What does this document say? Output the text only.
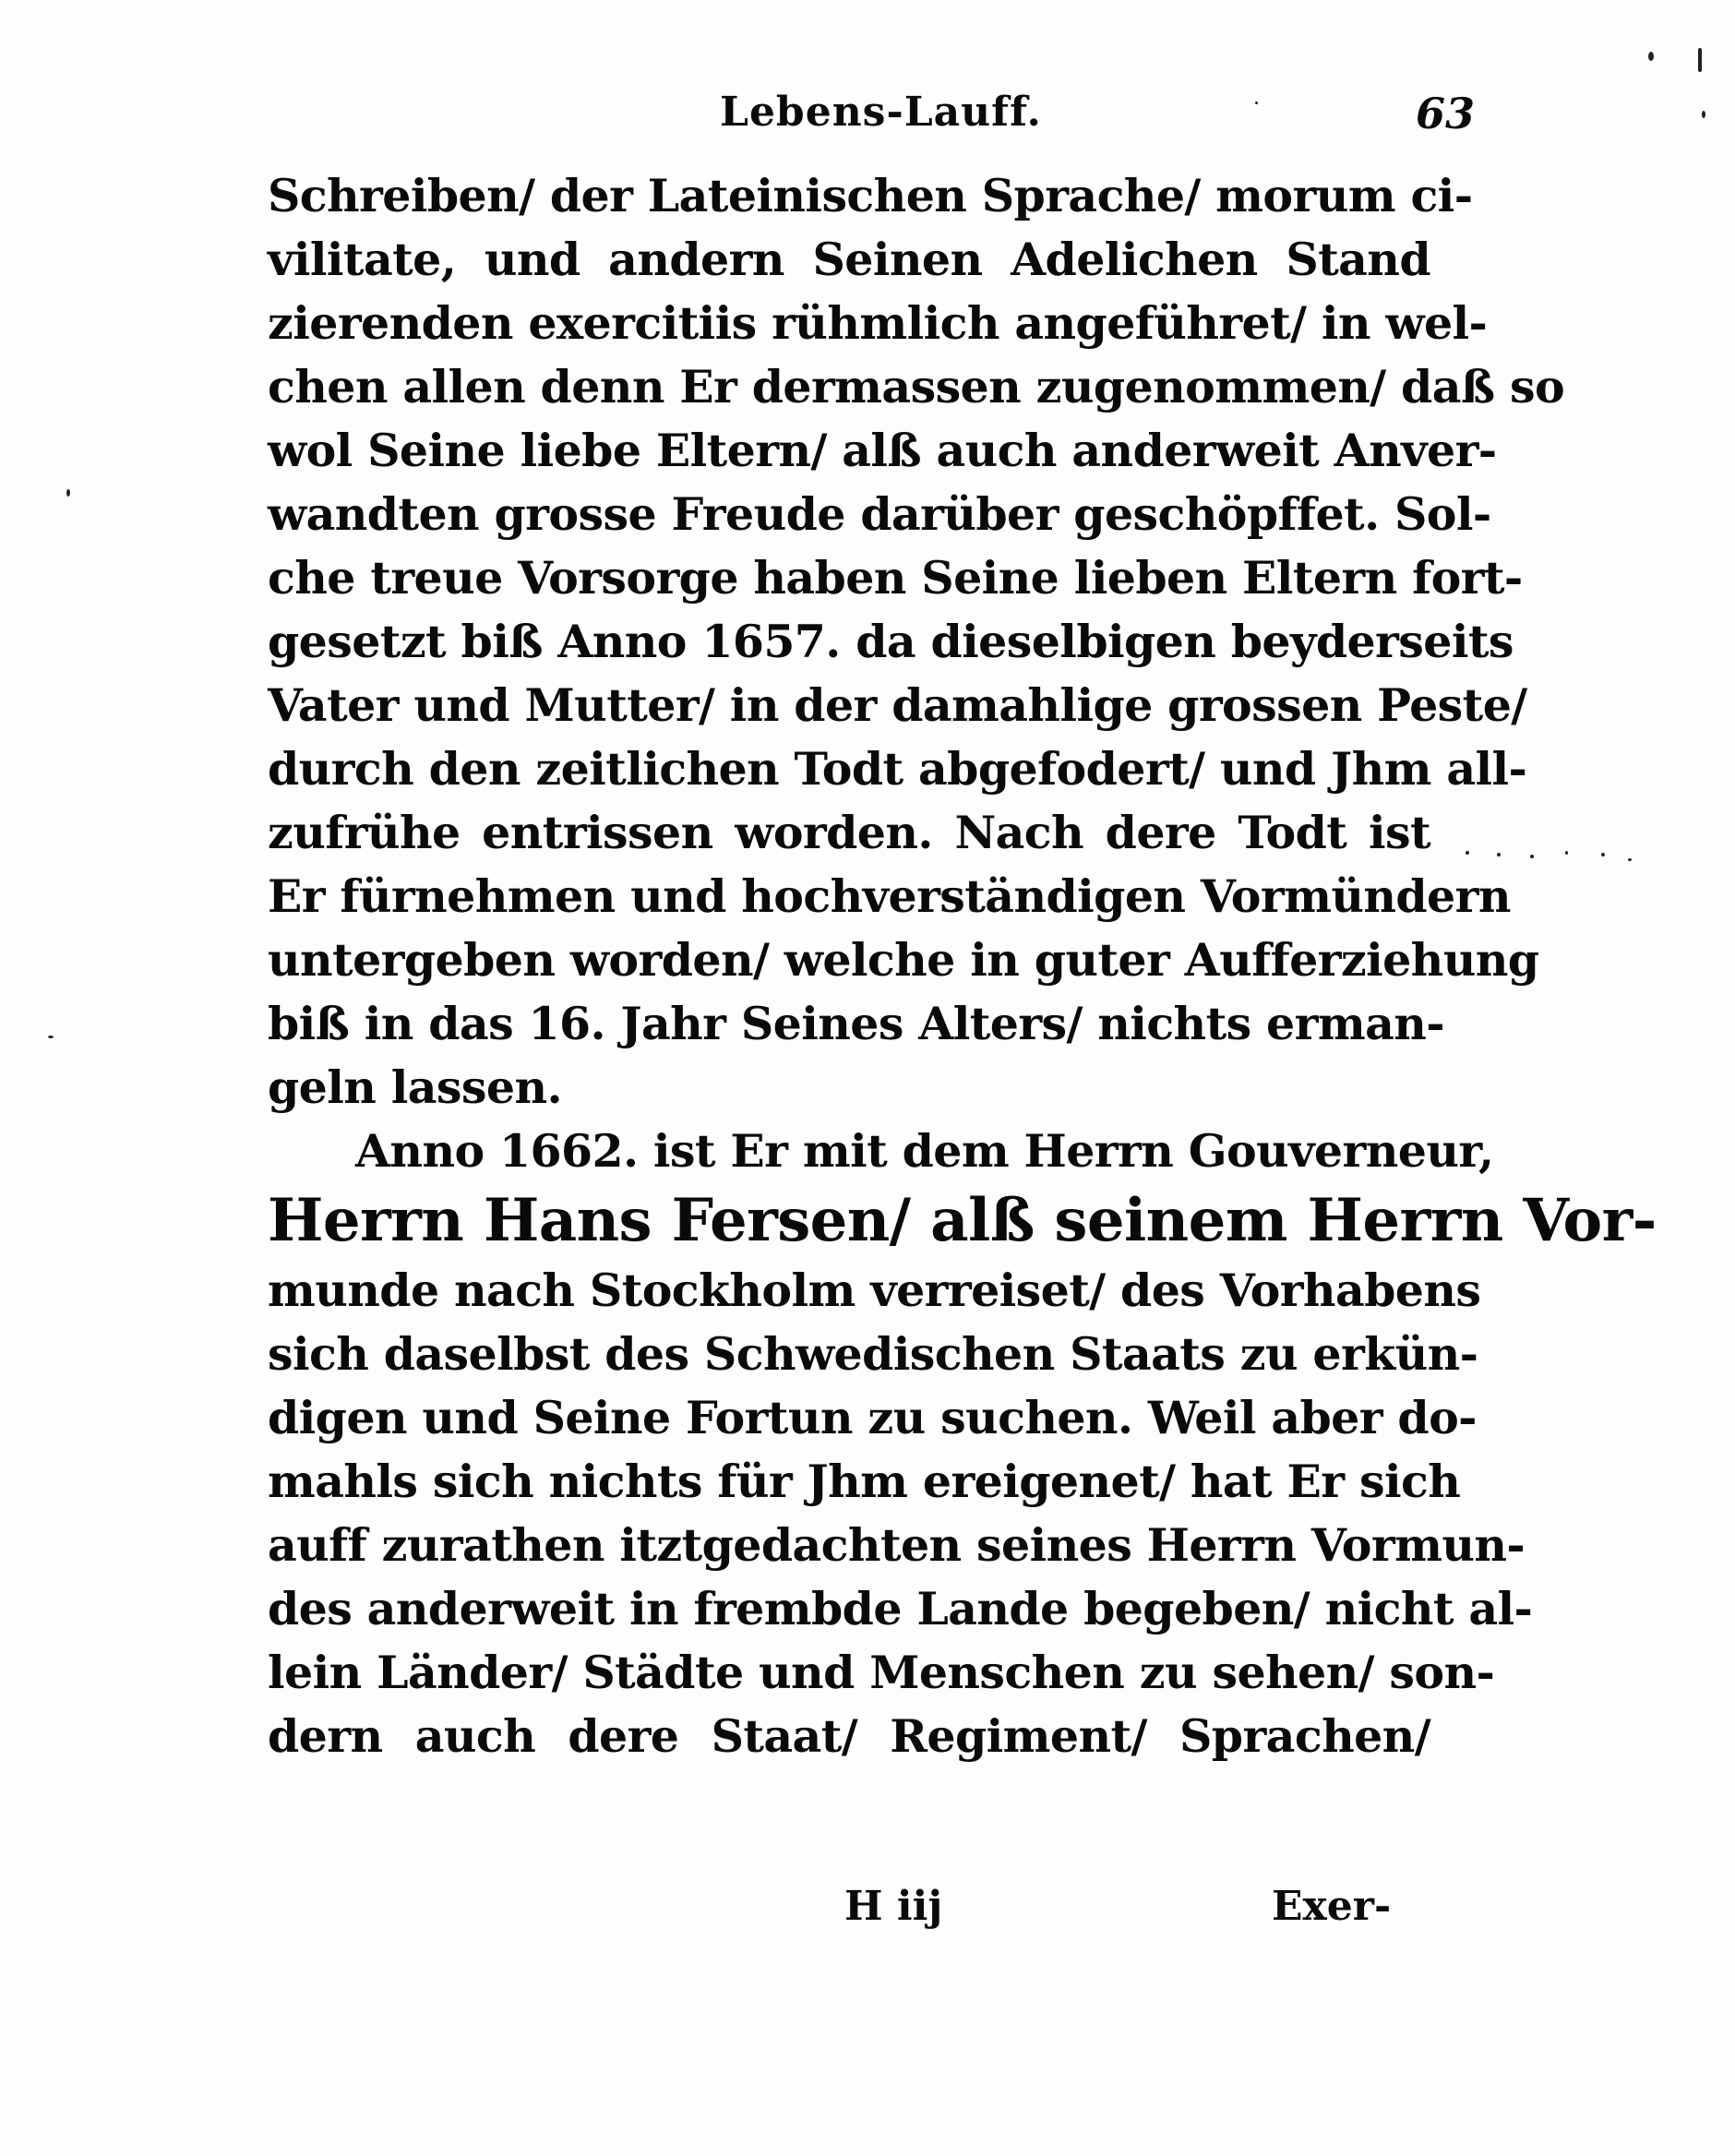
Lebens-Lauff.	63
Schreiben/ der Lateinischen Sprache/ morum ci-
vilitate, und andern Seinen Adelichen Stand
zierenden exercitiis rühmlich angeführet/ in wel-
chen allen denn Er dermassen zugenommen/ daß so
wol Seine liebe Eltern/ alß auch anderweit Anver-
wandten grosse Freude darüber geschöpffet. Sol-
che treue Vorsorge haben Seine lieben Eltern fort-
gesetzt biß Anno 1657. da dieselbigen beyderseits
Vater und Mutter/ in der damahlige grossen Peste/
durch den zeitlichen Todt abgefodert/ und Jhm all-
zufrühe entrissen worden. Nach dere Todt ist
Er fürnehmen und hochverständigen Vormündern
untergeben worden/ welche in guter Aufferziehung
biß in das 16. Jahr Seines Alters/ nichts erman-
geln lassen.
Anno 1662. ist Er mit dem Herrn Gouverneur,
Herrn Hans Fersen/ alß seinem Herrn Vor-
munde nach Stockholm verreiset/ des Vorhabens
sich daselbst des Schwedischen Staats zu erkün-
digen und Seine Fortun zu suchen. Weil aber do-
mahls sich nichts für Jhm ereigenet/ hat Er sich
auff zurathen itztgedachten seines Herrn Vormun-
des anderweit in frembde Lande begeben/ nicht al-
lein Länder/ Städte und Menschen zu sehen/ son-
dern auch dere Staat/ Regiment/ Sprachen/
H iij	Exer-
